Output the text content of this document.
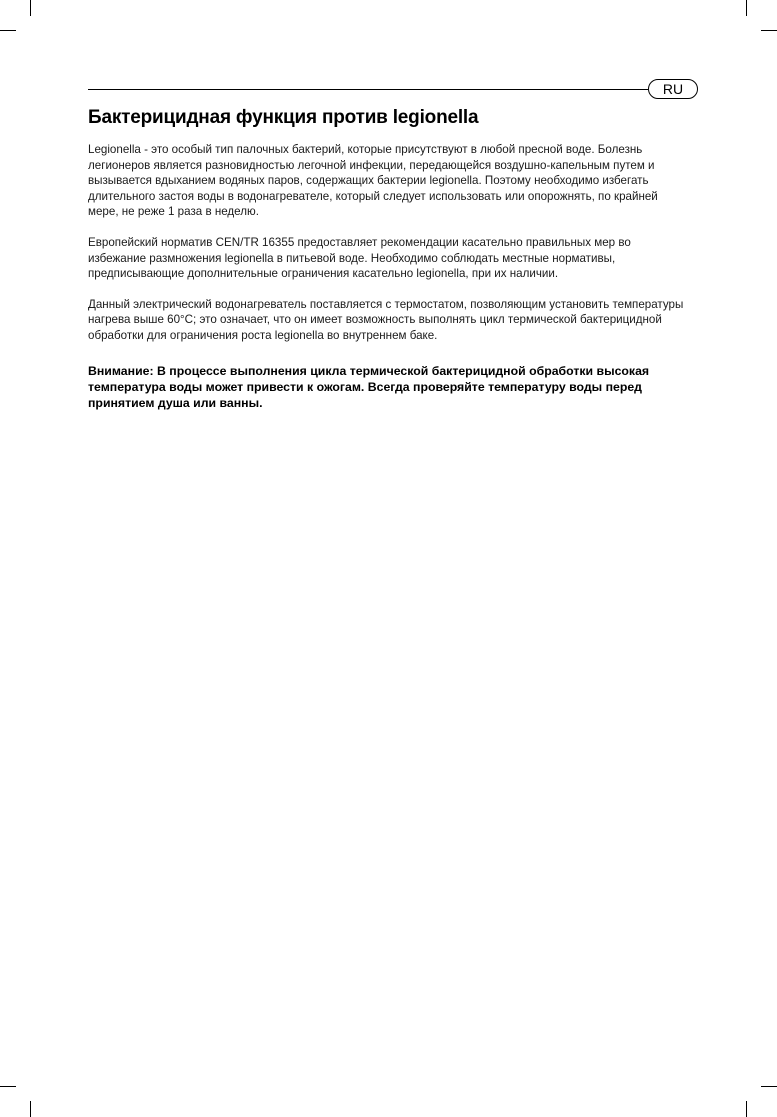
RU
Бактерицидная функция против legionella

Legionella - это особый тип палочных бактерий, которые присутствуют в любой пресной воде. Болезнь легионеров является разновидностью легочной инфекции, передающейся воздушно-капельным путем и вызывается вдыханием водяных паров, содержащих бактерии legionella. Поэтому необходимо избегать длительного застоя воды в водонагревателе, который следует использовать или опорожнять, по крайней мере, не реже 1 раза в неделю.

Европейский норматив CEN/TR 16355 предоставляет рекомендации касательно правильных мер во избежание размножения legionella в питьевой воде. Необходимо соблюдать местные нормативы, предписывающие дополнительные ограничения касательно legionella, при их наличии.

Данный электрический водонагреватель поставляется с термостатом, позволяющим установить температуры нагрева выше 60°C; это означает, что он имеет возможность выполнять цикл термической бактерицидной обработки для ограничения роста legionella во внутреннем баке.

Внимание: В процессе выполнения цикла термической бактерицидной обработки высокая температура воды может привести к ожогам. Всегда проверяйте температуру воды перед принятием душа или ванны.
